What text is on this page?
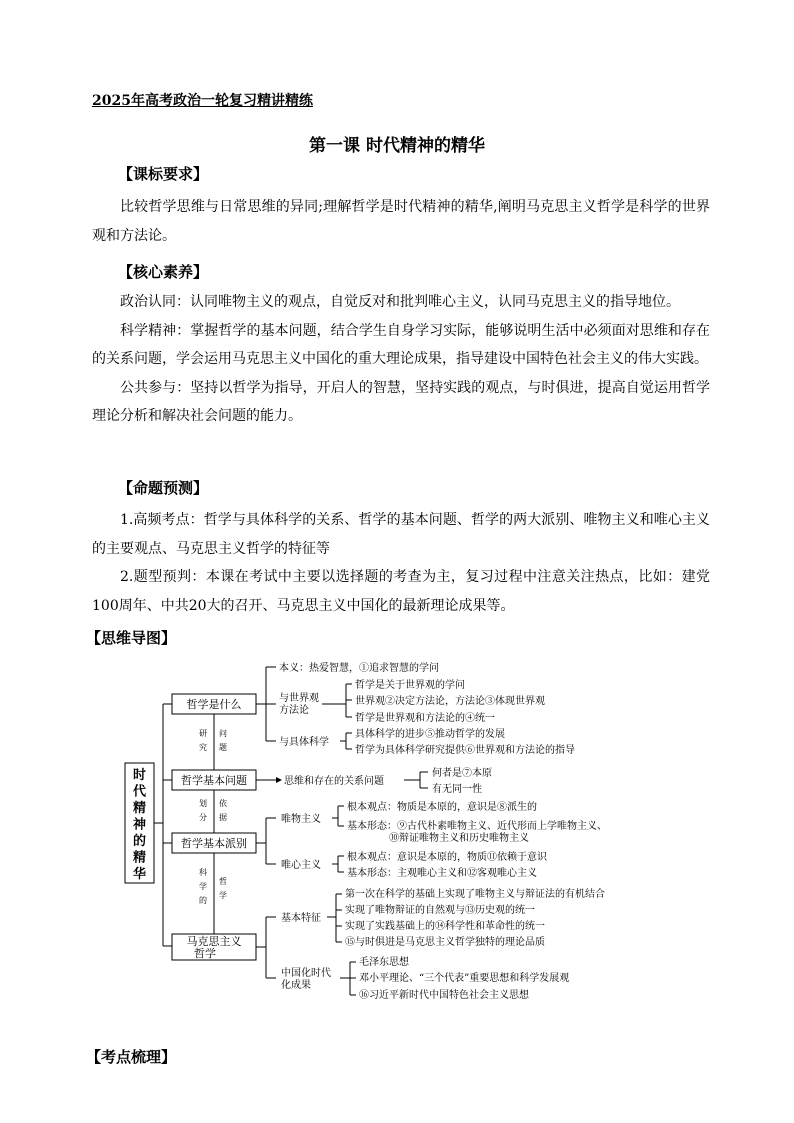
2025年高考政治一轮复习精讲精练
第一课 时代精神的精华
【课标要求】

比较哲学思维与日常思维的异同;理解哲学是时代精神的精华,阐明马克思主义哲学是科学的世界观和方法论。

【核心素养】

政治认同：认同唯物主义的观点，自觉反对和批判唯心主义，认同马克思主义的指导地位。

科学精神：掌握哲学的基本问题，结合学生自身学习实际，能够说明生活中必须面对思维和存在的关系问题，学会运用马克思主义中国化的重大理论成果，指导建设中国特色社会主义的伟大实践。

公共参与：坚持以哲学为指导，开启人的智慧，坚持实践的观点，与时俱进，提高自觉运用哲学理论分析和解决社会问题的能力。

【命题预测】

1.高频考点：哲学与具体科学的关系、哲学的基本问题、哲学的两大派别、唯物主义和唯心主义的主要观点、马克思主义哲学的特征等

2.题型预判：本课在考试中主要以选择题的考查为主，复习过程中注意关注热点，比如：建党100周年、中共20大的召开、马克思主义中国化的最新理论成果等。

【思维导图】
时
代
精
神
的
精
华
哲学是什么
哲学基本问题
哲学基本派别
马克思主义
哲学
研
究
问
题
划
分
依
据
科
学
的
哲
学
本义：热爱智慧，①追求智慧的学问
与世界观
方法论
与具体科学
哲学是关于世界观的学问
世界观②决定方法论，方法论③体现世界观
哲学是世界观和方法论的④统一
具体科学的进步⑤推动哲学的发展
哲学为具体科学研究提供⑥世界观和方法论的指导
思维和存在的关系问题
何者是⑦本原
有无同一性
唯物主义
唯心主义
根本观点：物质是本原的，意识是⑧派生的
基本形态：⑨古代朴素唯物主义、近代形而上学唯物主义、
⑩辩证唯物主义和历史唯物主义
根本观点：意识是本原的，物质⑪依赖于意识
基本形态：主观唯心主义和⑫客观唯心主义
基本特征
中国化时代
化成果
第一次在科学的基础上实现了唯物主义与辩证法的有机结合
实现了唯物辩证的自然观与⑬历史观的统一
实现了实践基础上的⑭科学性和革命性的统一
⑮与时俱进是马克思主义哲学独特的理论品质
毛泽东思想
邓小平理论、“三个代表”重要思想和科学发展观
⑯习近平新时代中国特色社会主义思想
【考点梳理】
